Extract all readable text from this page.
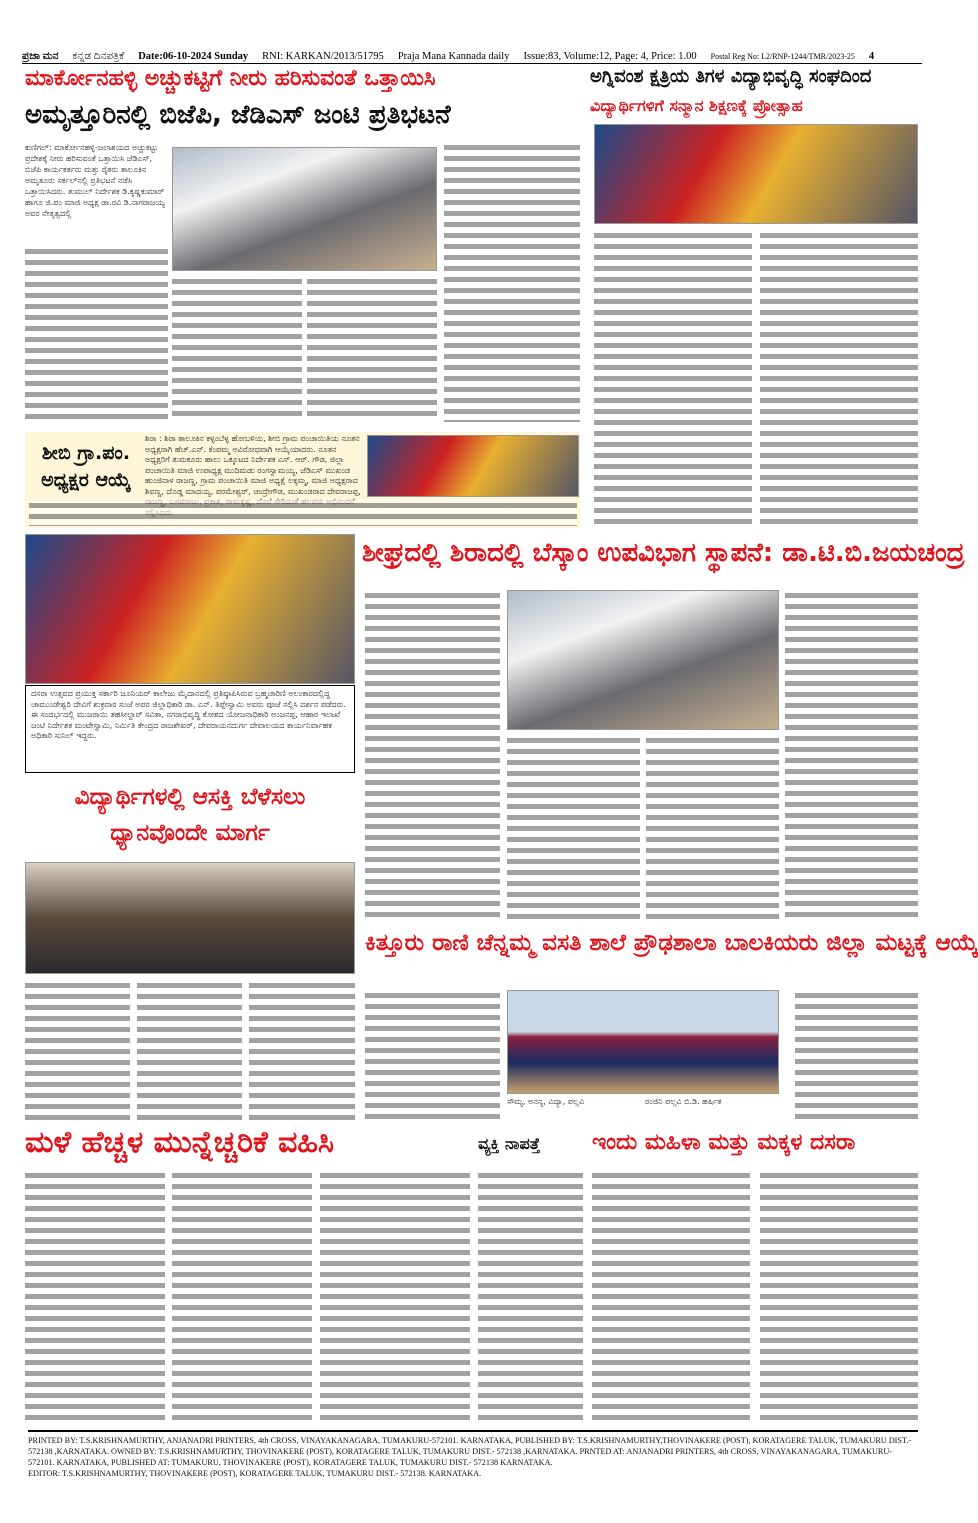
ಪ್ರಜಾ ಮನ ಕನ್ನಡ ದಿನಪತ್ರಿಕೆ Date:06-10-2024 Sunday RNI: KARKAN/2013/51795 Praja Mana Kannada daily Issue:83, Volume:12, Page: 4, Price: 1.00 Postal Reg No: L2/RNP-1244/TMR/2023-25 4
ಮಾರ್ಕೋನಹಳ್ಳಿ ಅಚ್ಚುಕಟ್ಟಿಗೆ ನೀರು ಹರಿಸುವಂತೆ ಒತ್ತಾಯಿಸಿ
ಅಮೃತ್ತೂರಿನಲ್ಲಿ ಬಿಜೆಪಿ, ಜೆಡಿಎಸ್ ಜಂಟಿ ಪ್ರತಿಭಟನೆ
ಕುಣಿಗಲ್: ಮಾರ್ಕೋನಹಳ್ಳಿ-ಜಲಾಶಯದ ಅಚ್ಚುಕಟ್ಟು ಪ್ರದೇಶಕ್ಕೆ ನೀರು ಹರಿಸುವಂತೆ ಒತ್ತಾಯಿಸಿ ಜೆಡಿಎಸ್, ಬಿಜೆಪಿ ಕಾರ್ಯಕರ್ತರು ಮತ್ತು ರೈತರು ತಾಲೂಕಿನ ಅಮೃತೂರು ಸರ್ಕಲ್‌ನಲ್ಲಿ ಪ್ರತಿಭಟನೆ ನಡೆಸಿ ಒತ್ತಾಯಿಸಿದರು. ತುಮುಲ್ ನಿರ್ದೇಶಕ ಡಿ.ಕೃಷ್ಣಕುಮಾರ್ ಹಾಗೂ ಜಿ.ಪಂ ಮಾಜಿ ಅಧ್ಯಕ್ಷ ಡಾ.ರವಿ ಡಿ.ನಾಗರಾಜಯ್ಯ ಅವರ ನೇತೃತ್ವದಲ್ಲಿ
ಅಗ್ನಿವಂಶ ಕ್ಷತ್ರಿಯ ತಿಗಳ ವಿದ್ಯಾಭಿವೃದ್ಧಿ ಸಂಘದಿಂದ
ವಿದ್ಯಾರ್ಥಿಗಳಿಗೆ ಸನ್ಮಾನ ಶಿಕ್ಷಣಕ್ಕೆ ಪ್ರೋತ್ಸಾಹ
ಶೀಬಿ ಗ್ರಾ.ಪಂ. ಅಧ್ಯಕ್ಷರ ಆಯ್ಕೆ
ಶಿರಾ : ಶಿರಾ ತಾಲೂಕಿನ ಕಳ್ಳಂಬೆಳ್ಳ ಹೋಬಳಿಯ, ಶೀಬಿ ಗ್ರಾಮ ಪಂಚಾಯಿತಿಯ ನೂತನ ಅಧ್ಯಕ್ಷರಾಗಿ ಹೆಚ್.ಎನ್. ಕೆಂಪಮ್ಮ ಅವಿರೋಧವಾಗಿ ಆಯ್ಕೆಯಾದರು. ನೂತನ ಅಧ್ಯಕ್ಷರಿಗೆ ತುಮಕೂರು ಹಾಲು ಒಕ್ಕೂಟದ ನಿರ್ದೇಶಕ ಎಸ್. ಆರ್. ಗೌಡ, ಜಿಲ್ಲಾ ಪಂಚಾಯಿತಿ ಮಾಜಿ ಉಪಾಧ್ಯಕ್ಷ ಮುದಿಮಡು ರಂಗಸ್ವಾಮಯ್ಯ, ಜೆಡಿಎಸ್ ಮುಖಂಡ ಹುಂಜಿನಾಳ ರಾಜಣ್ಣ, ಗ್ರಾಮ ಪಂಚಾಯಿತಿ ಮಾಜಿ ಅಧ್ಯಕ್ಷೆ ಲಕ್ಕಮ್ಮ, ಮಾಜಿ ಅಧ್ಯಕ್ಷರಾದ ಶಿವಣ್ಣ, ದೊಡ್ಡ ಮಾದಯ್ಯ, ಪರಮೇಶ್ವರ್, ಚಂದ್ರೇಗೌಡ, ಮುಖಂಡರಾದ ದೇವರಾಜಪ್ಪ,
ದಸರಾ ಉತ್ಸವದ ಪ್ರಯುಕ್ತ ಸರ್ಕಾರಿ ಜೂನಿಯರ್ ಕಾಲೇಜು ಮೈದಾನದಲ್ಲಿ ಪ್ರತಿಷ್ಠಾಪಿಸಿರುವ ಬ್ರಹ್ಮಚಾರಿಣಿ ಅಲಂಕಾರದಲ್ಲಿದ್ದ ಚಾಮುಂಡೇಶ್ವರಿ ದೇವಿಗೆ ಶುಕ್ರವಾರ ಸಂಜೆ ಅಪರ ಜಿಲ್ಲಾಧಿಕಾರಿ ಡಾ. ಎನ್. ತಿಪ್ಪೇಸ್ವಾಮಿ ಅವರು ಪೂಜೆ ಸಲ್ಲಿಸಿ ದರ್ಶನ ಪಡೆದರು. ಈ ಸಂದರ್ಭದಲ್ಲಿ ಮುಜರಾಯಿ ತಹಸೀಲ್ದಾರ್ ಸವಿತಾ, ನಗರಾಭಿವೃದ್ಧಿ ಕೋಶದ ಯೋಜನಾಧಿಕಾರಿ ಅಂಜನಪ್ಪ, ಆಹಾರ ಇಲಾಖೆ ಜಂಟಿ ನಿರ್ದೇಶಕ ಮಂಟೇಸ್ವಾಮಿ, ನಿರ್ಮಿತಿ ಕೇಂದ್ರದ ರಾಜಶೇಖರ್, ದೇವರಾಯನದುರ್ಗ ದೇವಾಲಯದ ಕಾರ್ಯನಿರ್ವಾಹಕ ಅಧಿಕಾರಿ ಸುನಿಲ್ ಇದ್ದರು.
ಶೀಘ್ರದಲ್ಲಿ ಶಿರಾದಲ್ಲಿ ಬೆಸ್ಕಾಂ ಉಪವಿಭಾಗ ಸ್ಥಾಪನೆ: ಡಾ.ಟಿ.ಬಿ.ಜಯಚಂದ್ರ
ವಿದ್ಯಾರ್ಥಿಗಳಲ್ಲಿ ಆಸಕ್ತಿ ಬೆಳೆಸಲು
ಧ್ಯಾನವೊಂದೇ ಮಾರ್ಗ
ಕಿತ್ತೂರು ರಾಣಿ ಚೆನ್ನಮ್ಮ ವಸತಿ ಶಾಲೆ ಪ್ರೌಢಶಾಲಾ ಬಾಲಕಿಯರು ಜಿಲ್ಲಾ ಮಟ್ಟಕ್ಕೆ ಆಯ್ಕೆ
ಸೌಮ್ಯ, ಅನನ್ಯ, ವಿದ್ಯಾ, ಪಲ್ಲವಿ	ರಂಜಿನಿ ಪಲ್ಲವಿ ಬಿ.ಡಿ. ಹರ್ಷಿತ
ಮಳೆ ಹೆಚ್ಚಳ ಮುನ್ನೆಚ್ಚರಿಕೆ ವಹಿಸಿ	ವ್ಯಕ್ತಿ ನಾಪತ್ತೆ	ಇಂದು ಮಹಿಳಾ ಮತ್ತು ಮಕ್ಕಳ ದಸರಾ
PRINTED BY: T.S.KRISHNAMURTHY, ANJANADRI PRINTERS, 4th CROSS, VINAYAKANAGARA, TUMAKURU-572101. KARNATAKA, PUBLISHED BY: T.S.KRISHNAMURTHY,THOVINAKERE (POST), KORATAGERE TALUK, TUMAKURU DIST.- 572138 ,KARNATAKA. OWNED BY: T.S.KRISHNAMURTHY, THOVINAKERE (POST), KORATAGERE TALUK, TUMAKURU DIST.- 572138 ,KARNATAKA. PRNTED AT: ANJANADRI PRINTERS, 4th CROSS, VINAYAKANAGARA, TUMAKURU-572101. KARNATAKA, PUBLISHED AT: TUMAKURU, THOVINAKERE (POST), KORATAGERE TALUK, TUMAKURU DIST.- 572138 KARNATAKA.
EDITOR: T.S.KRISHNAMURTHY, THOVINAKERE (POST), KORATAGERE TALUK, TUMAKURU DIST.- 572138. KARNATAKA.
